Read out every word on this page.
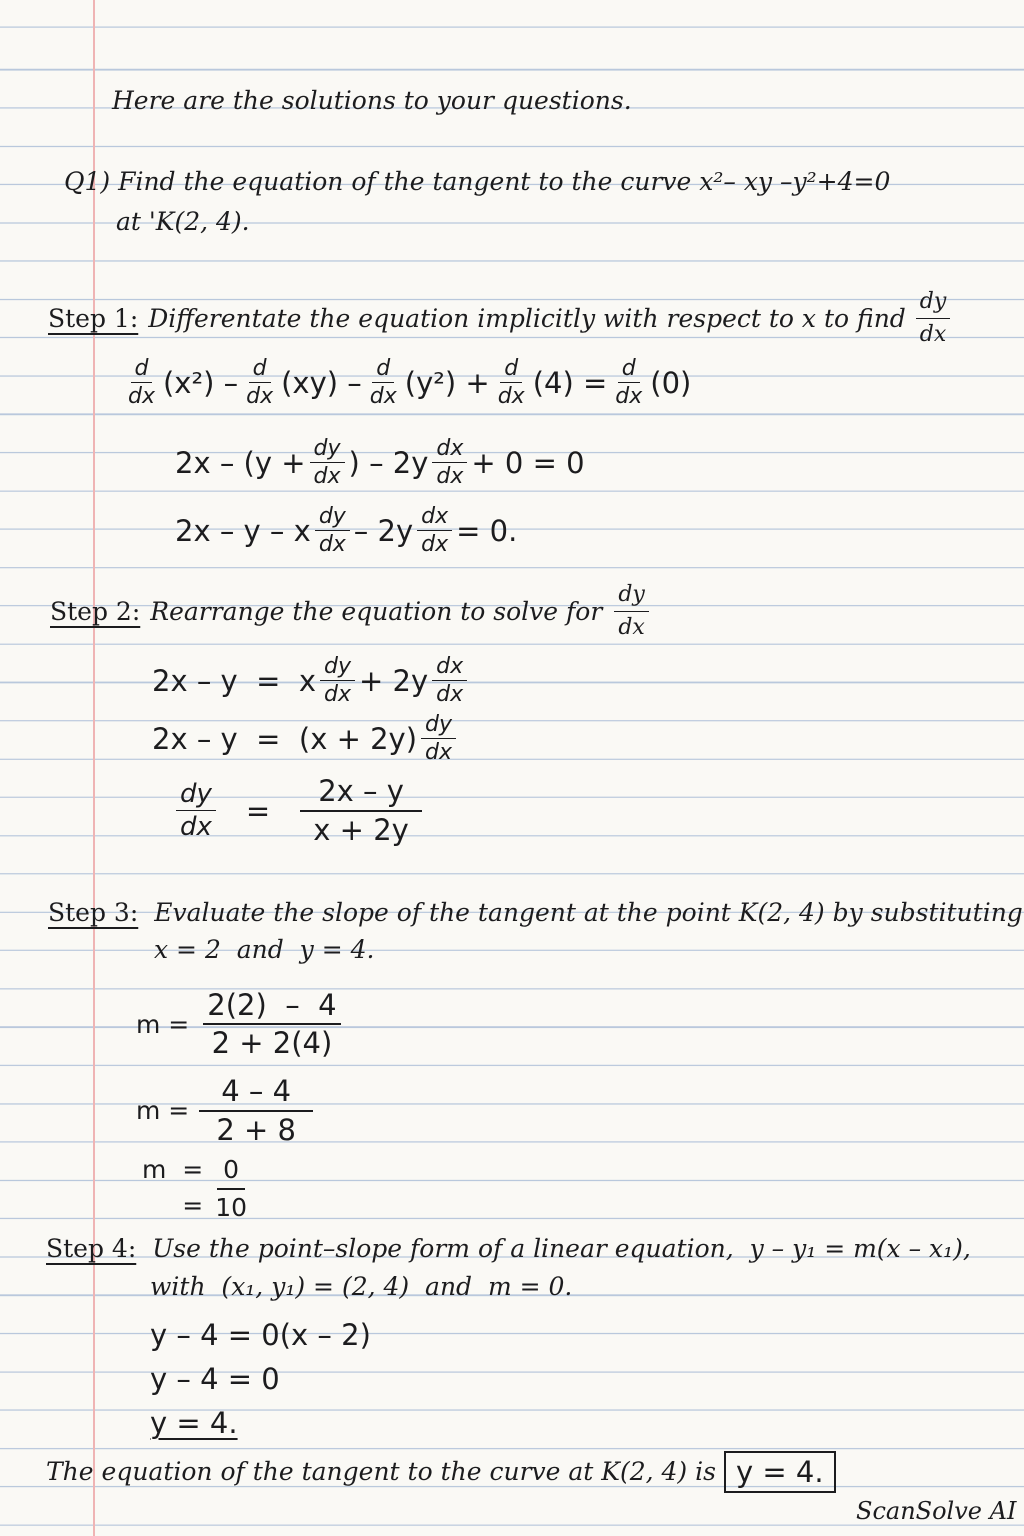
Here are the solutions to your questions.
Q1) Find the equation of the tangent to the curve x²– xy –y²+4=0
at 'K(2, 4).
Step 1: Differentate the equation implicitly with respect to x to find $\frac{dy}{dx}$
$\frac{d}{dx} (x^2) - \frac{d}{dx} (xy) - \frac{d}{dx} (y^2) + \frac{d}{dx} (4) = \frac{d}{dx} (0)$
$2x - (y + \frac{dy}{dx}$ ) – $2y \frac{dx}{dx} + 0 = 0$
2x – y – x $\frac{dy}{dx} - 2y \frac{dx}{dx} = 0$.
Step 2: Rearrange the equation to solve for $\frac{dy}{dx}$
2x – y  =  x $\frac{dy}{dx} + 2y \frac{dx}{dx}$
$2x - y = (x + 2y) \frac{dy}{dx}$
$\frac{dy}{dx} = \frac{2x - y}{x + 2y}$
Step 3: Evaluate the slope of the tangent at the point K(2, 4) by substituting
x = 2  and  y = 4.
$m = \frac{2(2) - 4}{2 + 2(4)}$
$m = \frac{4 - 4}{2 + 8}$
m  =
= $\frac{0}{10}$
Step 4: Use the point–slope form of a linear equation,  y – y₁ = m(x – x₁),
with  (x₁, y₁) = (2, 4)  and  m = 0.
y – 4 = 0(x – 2)
y – 4 = 0
y = 4.
The equation of the tangent to the curve at K(2, 4) is y = 4.
ScanSolve AI
